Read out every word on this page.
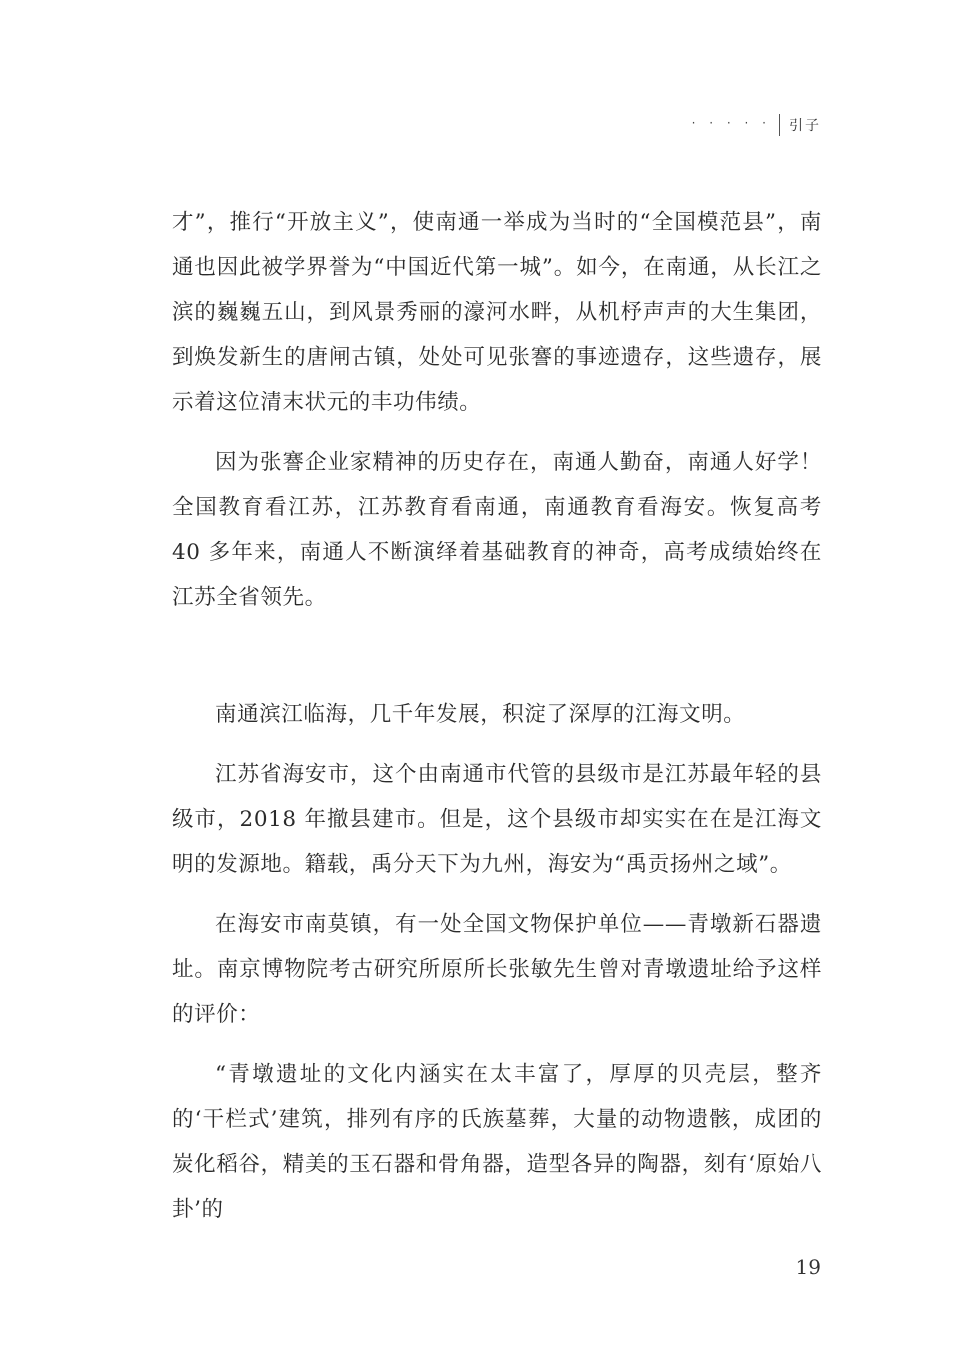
· · · · ·	引子

才”，推行“开放主义”，使南通一举成为当时的“全国模范县”，南通也因此被学界誉为“中国近代第一城”。如今，在南通，从长江之滨的巍巍五山，到风景秀丽的濠河水畔，从机杼声声的大生集团，到焕发新生的唐闸古镇，处处可见张謇的事迹遗存，这些遗存，展示着这位清末状元的丰功伟绩。

因为张謇企业家精神的历史存在，南通人勤奋，南通人好学！全国教育看江苏，江苏教育看南通，南通教育看海安。恢复高考 40 多年来，南通人不断演绎着基础教育的神奇，高考成绩始终在江苏全省领先。

南通滨江临海，几千年发展，积淀了深厚的江海文明。

江苏省海安市，这个由南通市代管的县级市是江苏最年轻的县级市，2018 年撤县建市。但是，这个县级市却实实在在是江海文明的发源地。籍载，禹分天下为九州，海安为“禹贡扬州之域”。

在海安市南莫镇，有一处全国文物保护单位——青墩新石器遗址。南京博物院考古研究所原所长张敏先生曾对青墩遗址给予这样的评价：

“青墩遗址的文化内涵实在太丰富了，厚厚的贝壳层，整齐的‘干栏式’建筑，排列有序的氏族墓葬，大量的动物遗骸，成团的炭化稻谷，精美的玉石器和骨角器，造型各异的陶器，刻有‘原始八卦’的

19
